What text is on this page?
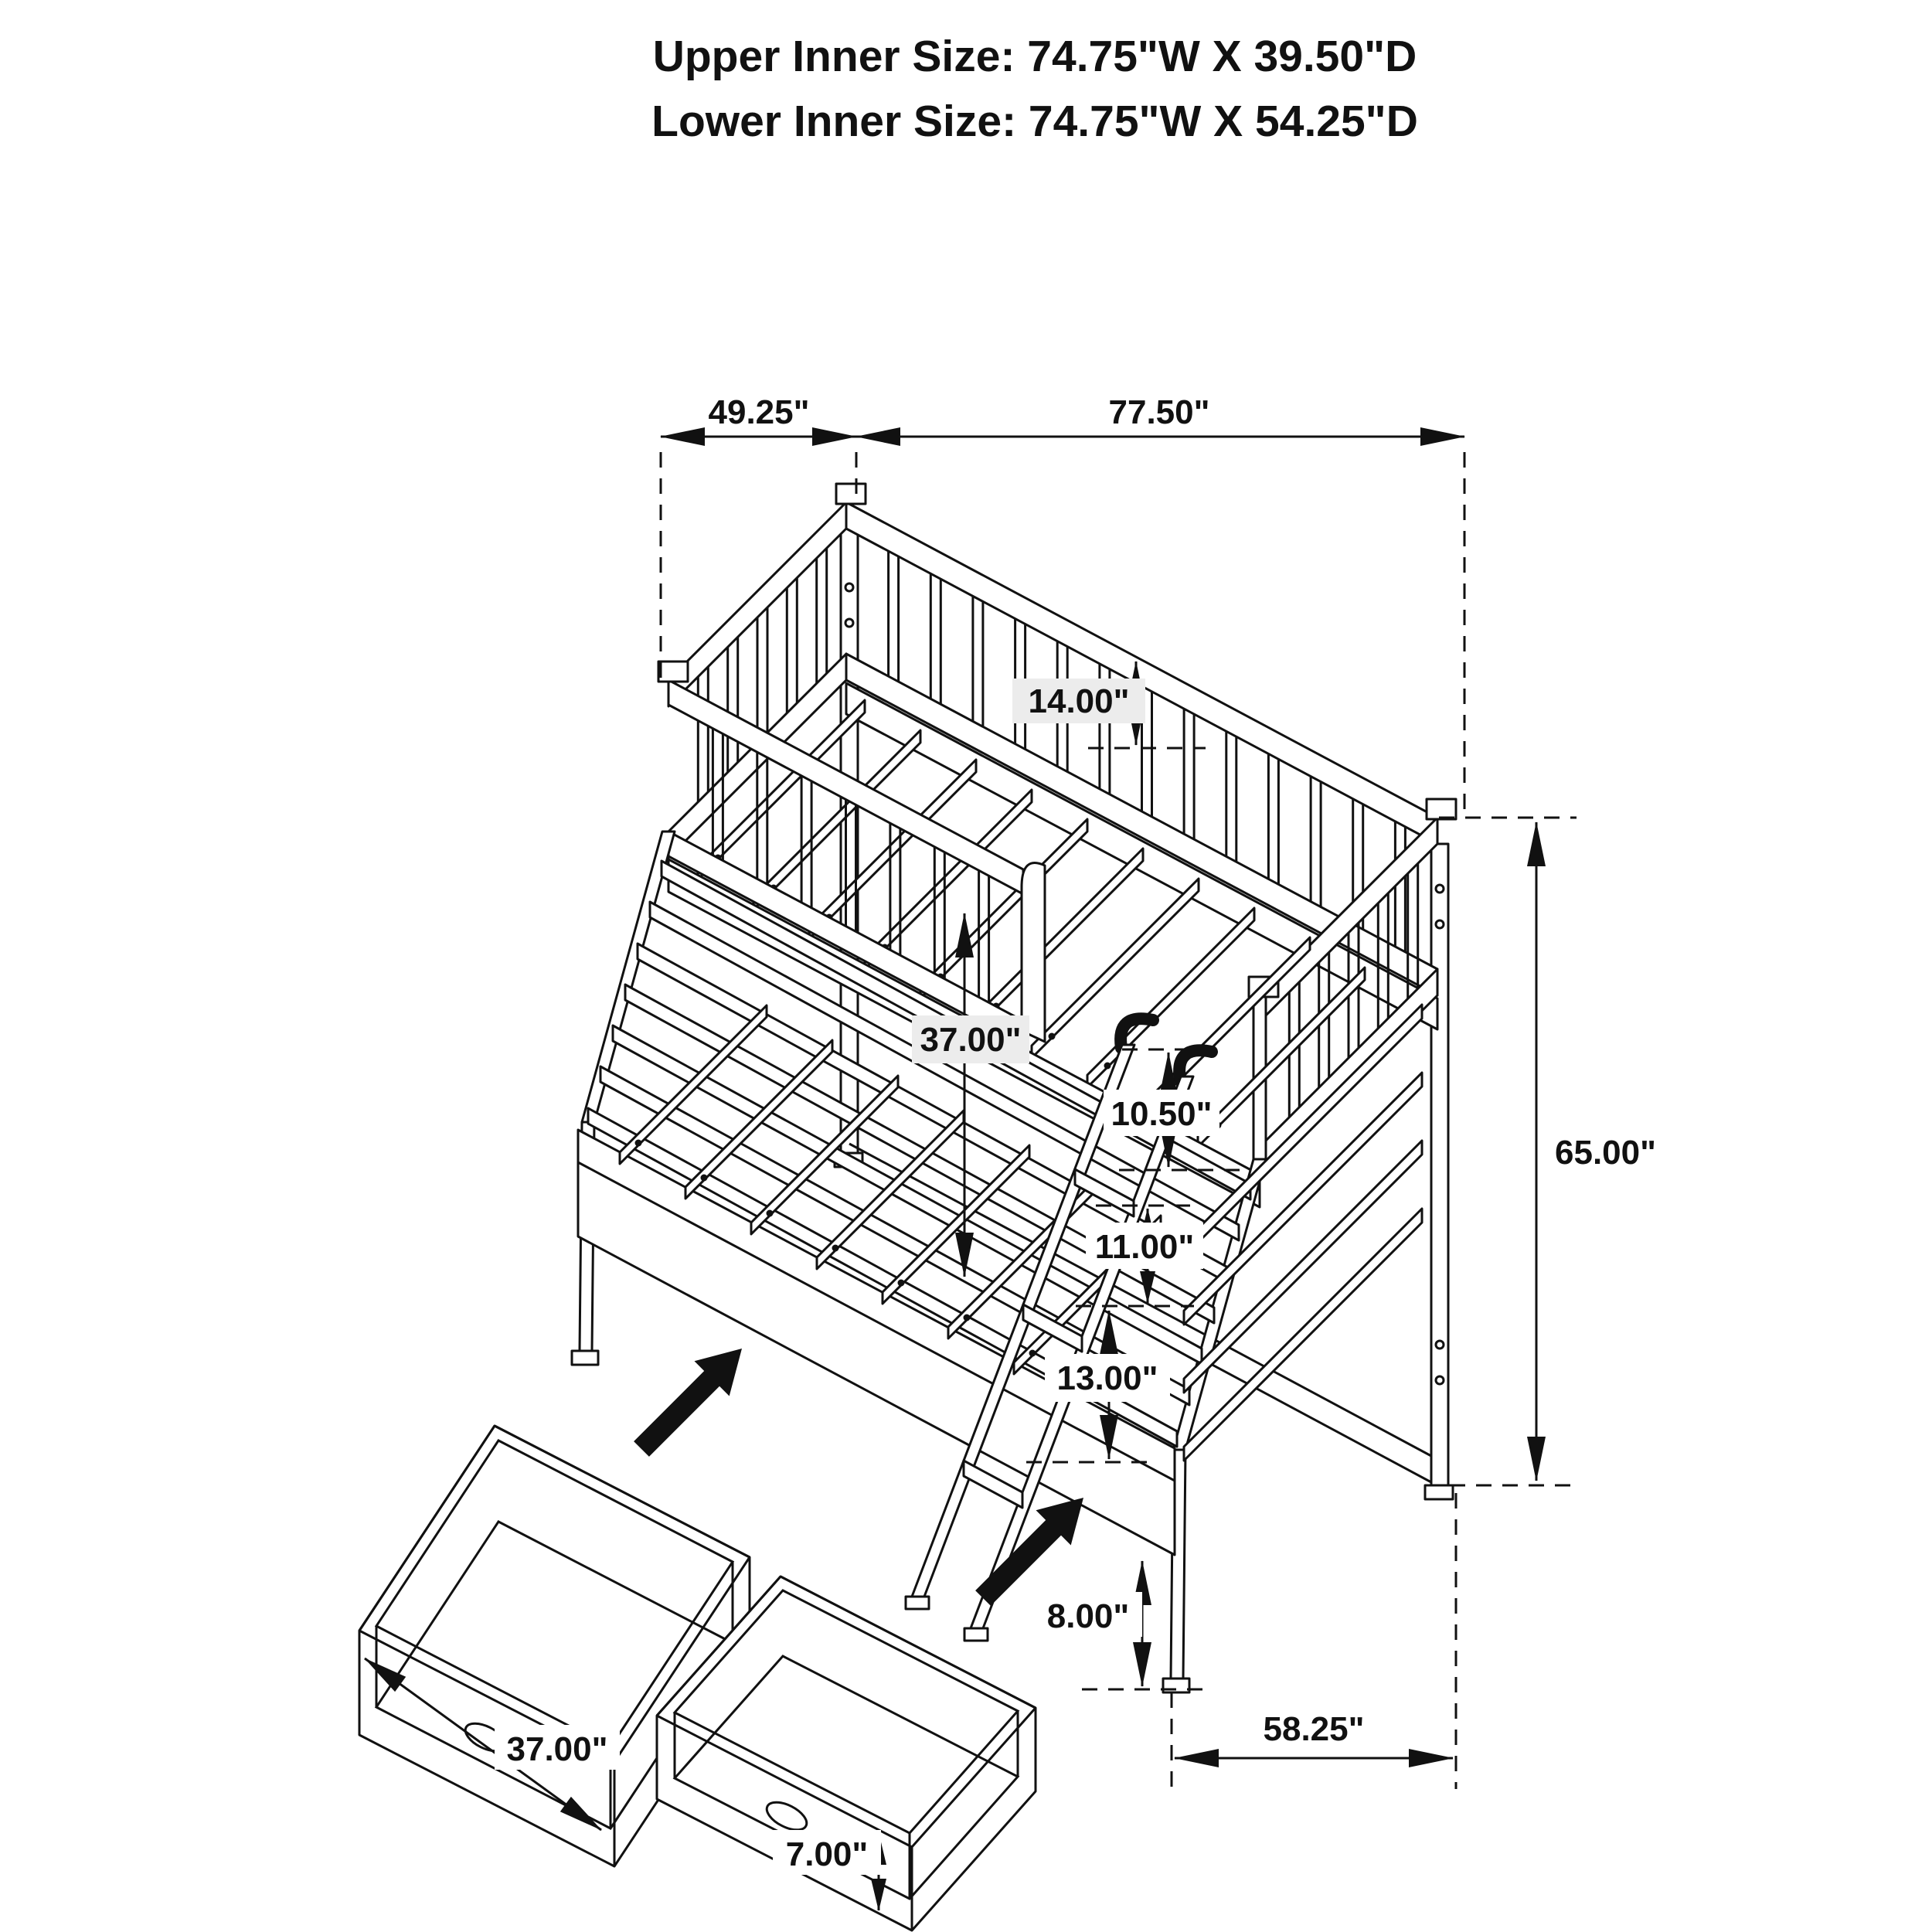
49.25"	77.50"
14.00"
37.00"
10.50"
11.00"
13.00"
65.00"
8.00"
58.25"
37.00"
7.00"
Upper Inner Size: 74.75"W X 39.50"D
Lower Inner Size: 74.75"W X 54.25"D
